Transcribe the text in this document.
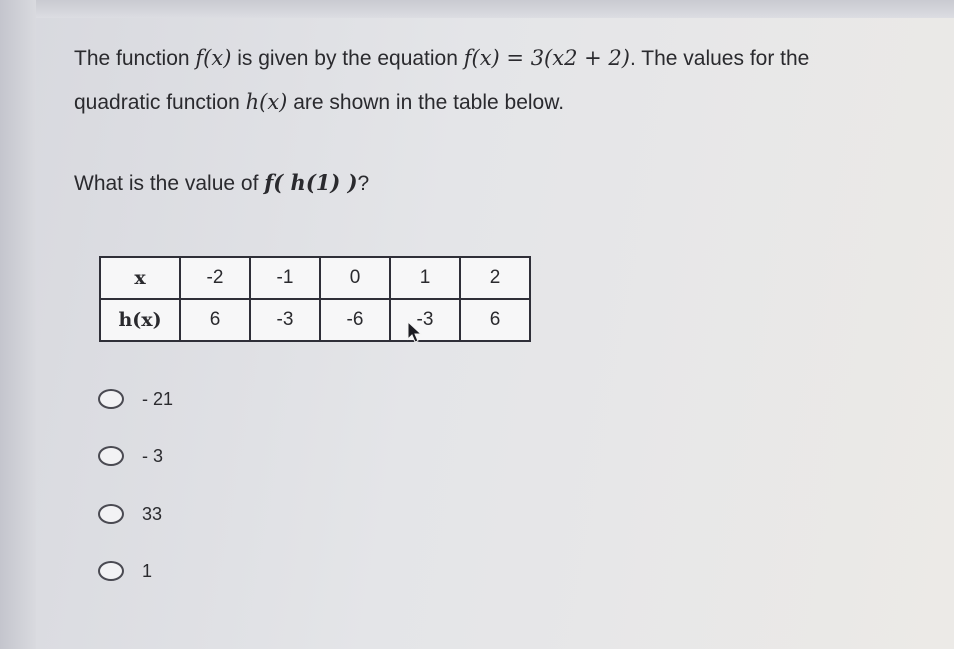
The function f(x) is given by the equation f(x) = 3(x2 + 2). The values for the
quadratic function h(x) are shown in the table below.
What is the value of f( h(1) )?
x	-2	-1	0	1	2
h(x)	6	-3	-6	-3	6
- 21
- 3
33
1
